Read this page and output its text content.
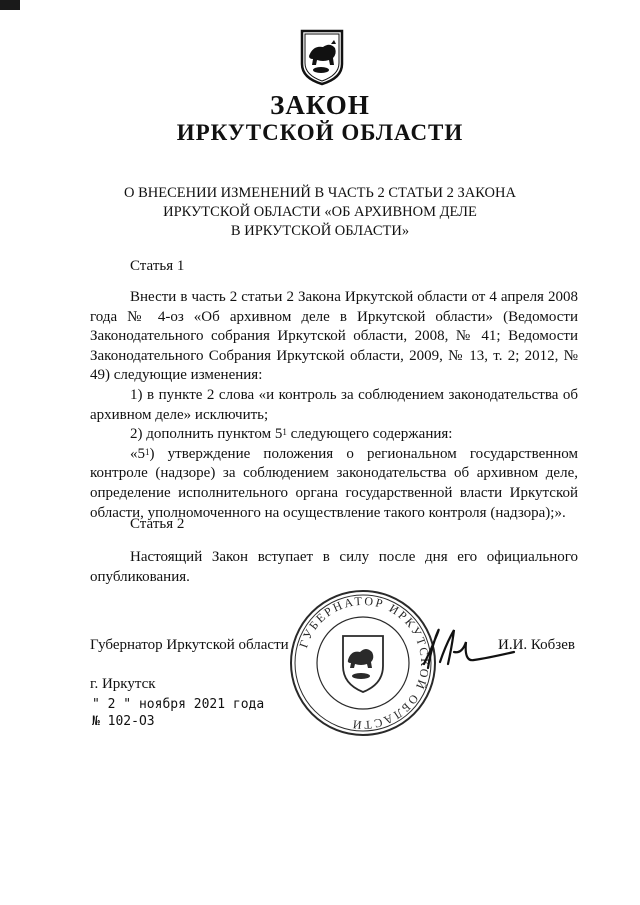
ЗАКОН
ИРКУТСКОЙ ОБЛАСТИ
О ВНЕСЕНИИ ИЗМЕНЕНИЙ В ЧАСТЬ 2 СТАТЬИ 2 ЗАКОНА
ИРКУТСКОЙ ОБЛАСТИ «ОБ АРХИВНОМ ДЕЛЕ
В ИРКУТСКОЙ ОБЛАСТИ»
Статья 1

Внести в часть 2 статьи 2 Закона Иркутской области от 4 апреля 2008 года № 4-оз «Об архивном деле в Иркутской области» (Ведомости Законодательного собрания Иркутской области, 2008, № 41; Ведомости Законодательного Собрания Иркутской области, 2009, № 13, т. 2; 2012, № 49) следующие изменения:

1) в пункте 2 слова «и контроль за соблюдением законодательства об архивном деле» исключить;

2) дополнить пунктом $5^1$ следующего содержания:

«$5^1$) утверждение положения о региональном государственном контроле (надзоре) за соблюдением законодательства об архивном деле, определение исполнительного органа государственной власти Иркутской области, уполномоченного на осуществление такого контроля (надзора);».

Статья 2

Настоящий Закон вступает в силу после дня его официального опубликования.

ГУБЕРНАТОР ИРКУТСКОЙ ОБЛАСТИ
Губернатор Иркутской области	И.И. Кобзев
г. Иркутск
" 2 " ноября 2021 года
№ 102-ОЗ
